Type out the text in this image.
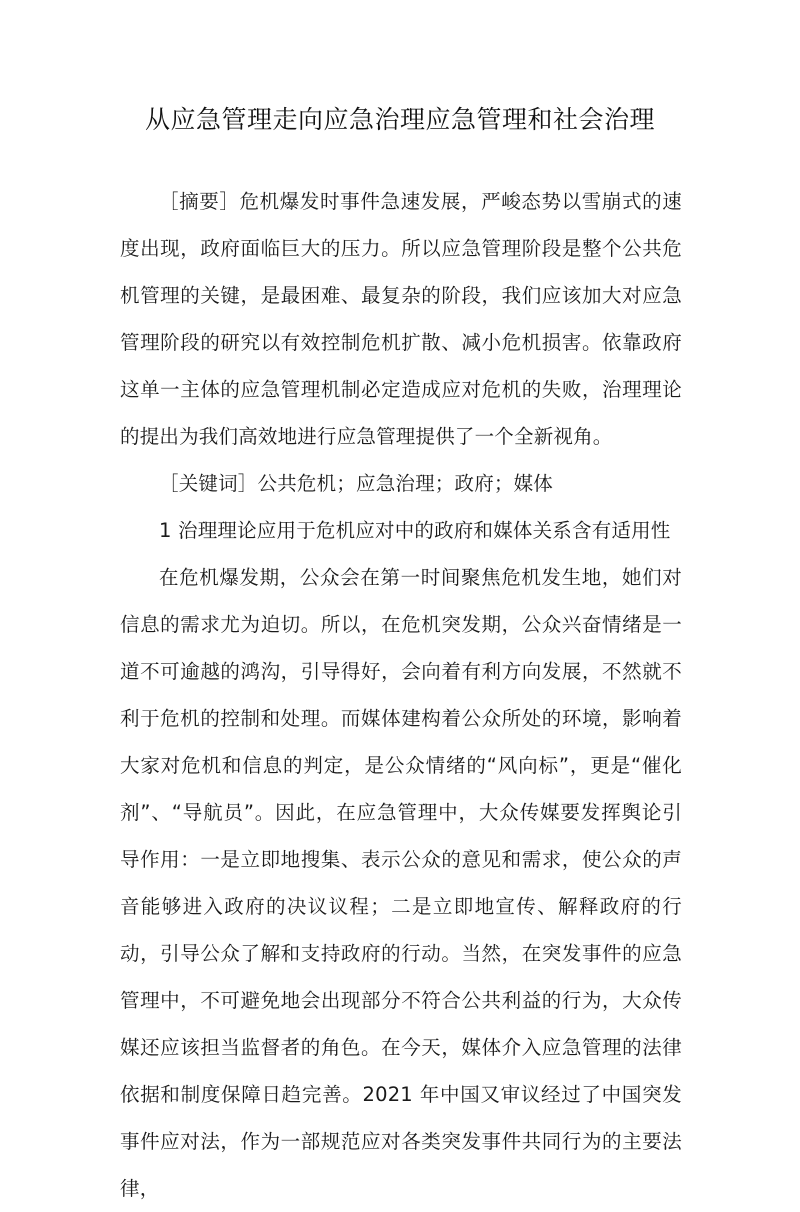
从应急管理走向应急治理应急管理和社会治理

［摘要］危机爆发时事件急速发展，严峻态势以雪崩式的速度出现，政府面临巨大的压力。所以应急管理阶段是整个公共危机管理的关键，是最困难、最复杂的阶段，我们应该加大对应急管理阶段的研究以有效控制危机扩散、减小危机损害。依靠政府这单一主体的应急管理机制必定造成应对危机的失败，治理理论的提出为我们高效地进行应急管理提供了一个全新视角。

［关键词］公共危机；应急治理；政府；媒体

1 治理理论应用于危机应对中的政府和媒体关系含有适用性

在危机爆发期，公众会在第一时间聚焦危机发生地，她们对信息的需求尤为迫切。所以，在危机突发期，公众兴奋情绪是一道不可逾越的鸿沟，引导得好，会向着有利方向发展，不然就不利于危机的控制和处理。而媒体建构着公众所处的环境，影响着大家对危机和信息的判定，是公众情绪的“风向标”，更是“催化剂”、“导航员”。因此，在应急管理中，大众传媒要发挥舆论引导作用：一是立即地搜集、表示公众的意见和需求，使公众的声音能够进入政府的决议议程；二是立即地宣传、解释政府的行动，引导公众了解和支持政府的行动。当然，在突发事件的应急管理中，不可避免地会出现部分不符合公共利益的行为，大众传媒还应该担当监督者的角色。在今天，媒体介入应急管理的法律依据和制度保障日趋完善。2021 年中国又审议经过了中国突发事件应对法，作为一部规范应对各类突发事件共同行为的主要法律，
